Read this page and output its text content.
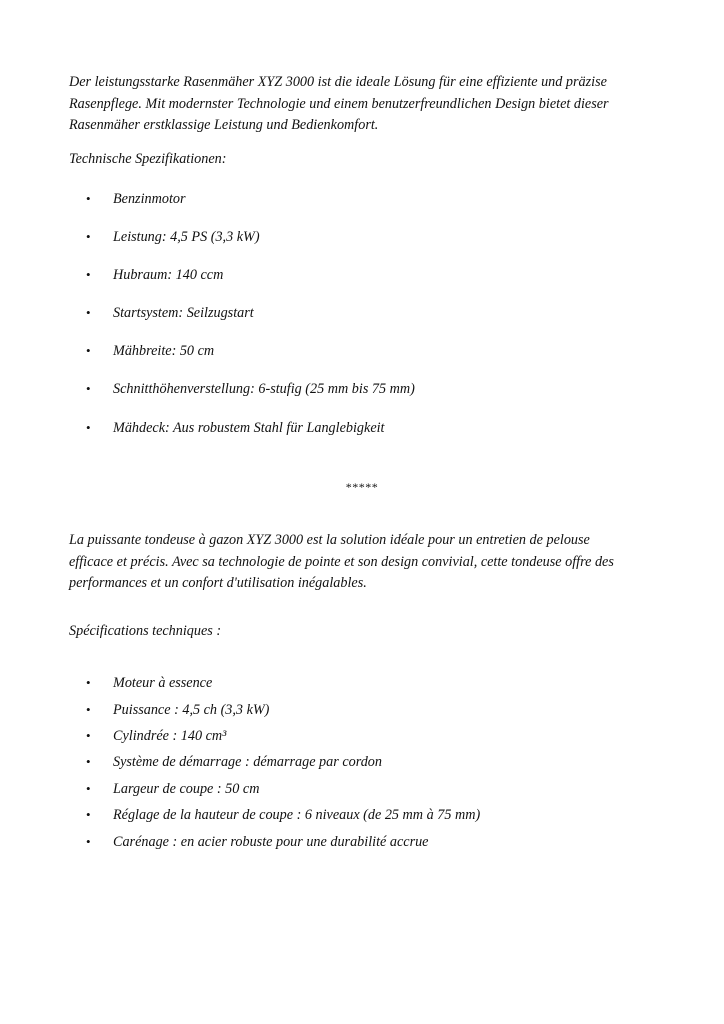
Der leistungsstarke Rasenmäher XYZ 3000 ist die ideale Lösung für eine effiziente und präzise
Rasenpflege. Mit modernster Technologie und einem benutzerfreundlichen Design bietet dieser
Rasenmäher erstklassige Leistung und Bedienkomfort.

Technische Spezifikationen:

• Benzinmotor
• Leistung: 4,5 PS (3,3 kW)
• Hubraum: 140 ccm
• Startsystem: Seilzugstart
• Mähbreite: 50 cm
• Schnitthöhenverstellung: 6-stufig (25 mm bis 75 mm)
• Mähdeck: Aus robustem Stahl für Langlebigkeit
*****

La puissante tondeuse à gazon XYZ 3000 est la solution idéale pour un entretien de pelouse
efficace et précis. Avec sa technologie de pointe et son design convivial, cette tondeuse offre des
performances et un confort d'utilisation inégalables.

Spécifications techniques :

• Moteur à essence
• Puissance : 4,5 ch (3,3 kW)
• Cylindrée : 140 cm³
• Système de démarrage : démarrage par cordon
• Largeur de coupe : 50 cm
• Réglage de la hauteur de coupe : 6 niveaux (de 25 mm à 75 mm)
• Carénage : en acier robuste pour une durabilité accrue
